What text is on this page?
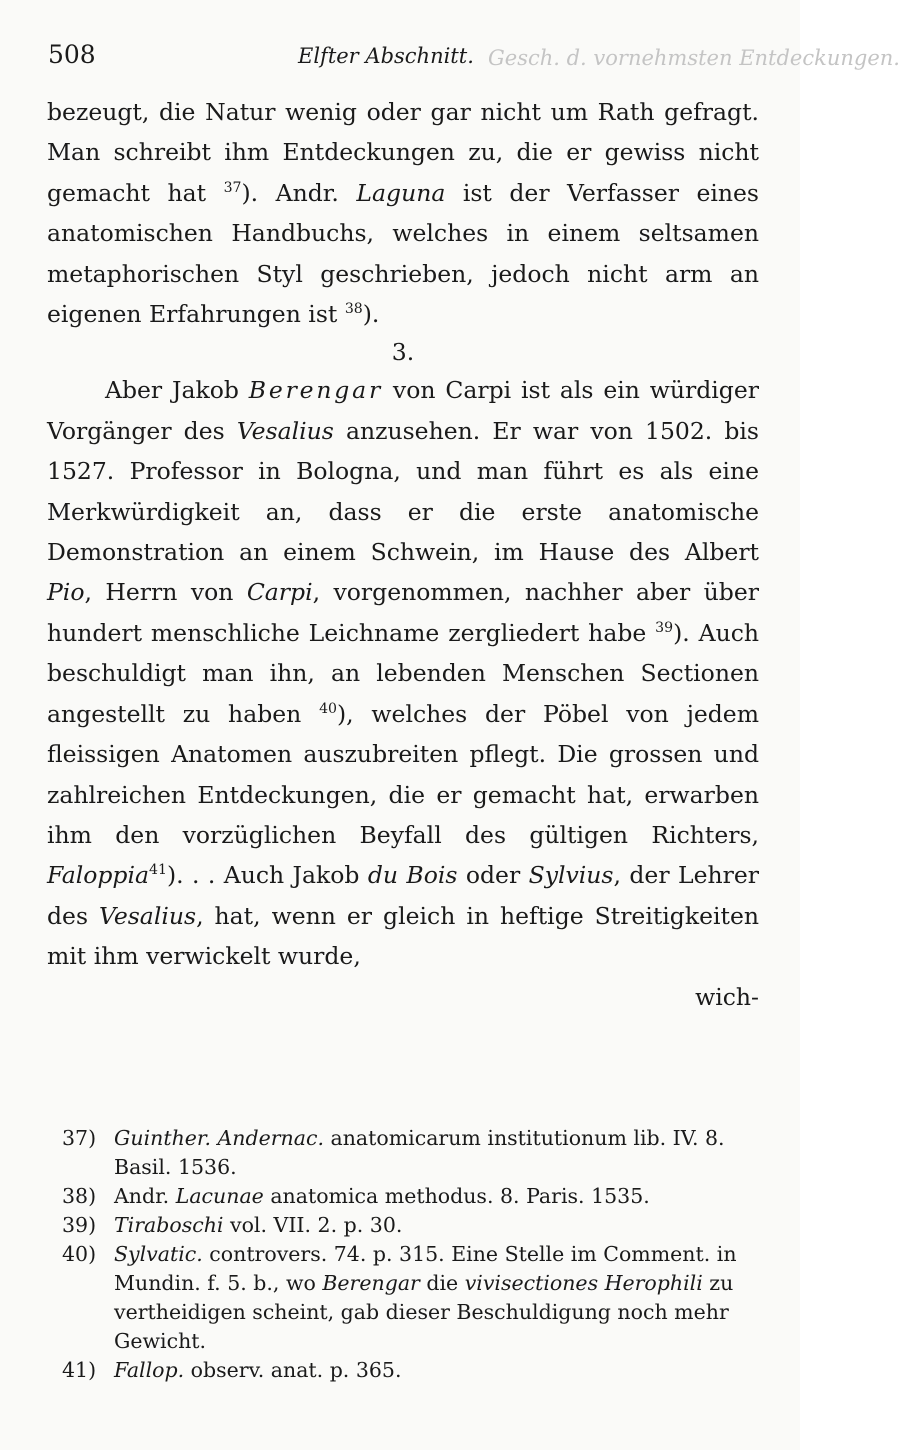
508	Elfter Abschnitt. Gesch. d. vornehmsten Entdeckungen.

bezeugt, die Natur wenig oder gar nicht um Rath gefragt. Man schreibt ihm Entdeckungen zu, die er gewiss nicht gemacht hat $^{37}$). Andr. Laguna ist der Verfasser eines anatomischen Handbuchs, welches in einem seltsamen metaphorischen Styl geschrieben, jedoch nicht arm an eigenen Erfahrungen ist $^{38}$).

3.

Aber Jakob Berengar von Carpi ist als ein würdiger Vorgänger des Vesalius anzusehen. Er war von 1502. bis 1527. Professor in Bologna, und man führt es als eine Merkwürdigkeit an, dass er die erste anatomische Demonstration an einem Schwein, im Hause des Albert Pio, Herrn von Carpi, vorgenommen, nachher aber über hundert menschliche Leichname zergliedert habe $^{39}$). Auch beschuldigt man ihn, an lebenden Menschen Sectionen angestellt zu haben $^{40}$), welches der Pöbel von jedem fleissigen Anatomen auszubreiten pflegt. Die grossen und zahlreichen Entdeckungen, die er gemacht hat, erwarben ihm den vorzüglichen Beyfall des gültigen Richters, Faloppia$^{41}$). . . Auch Jakob du Bois oder Sylvius, der Lehrer des Vesalius, hat, wenn er gleich in heftige Streitigkeiten mit ihm verwickelt wurde,

wich-

37) Guinther. Andernac. anatomicarum institutionum lib. IV. 8. Basil. 1536.

38) Andr. Lacunae anatomica methodus. 8. Paris. 1535.

39) Tiraboschi vol. VII. 2. p. 30.

40) Sylvatic. controvers. 74. p. 315. Eine Stelle im Comment. in Mundin. f. 5. b., wo Berengar die vivisectiones Herophili zu vertheidigen scheint, gab dieser Beschuldigung noch mehr Gewicht.

41) Fallop. observ. anat. p. 365.
